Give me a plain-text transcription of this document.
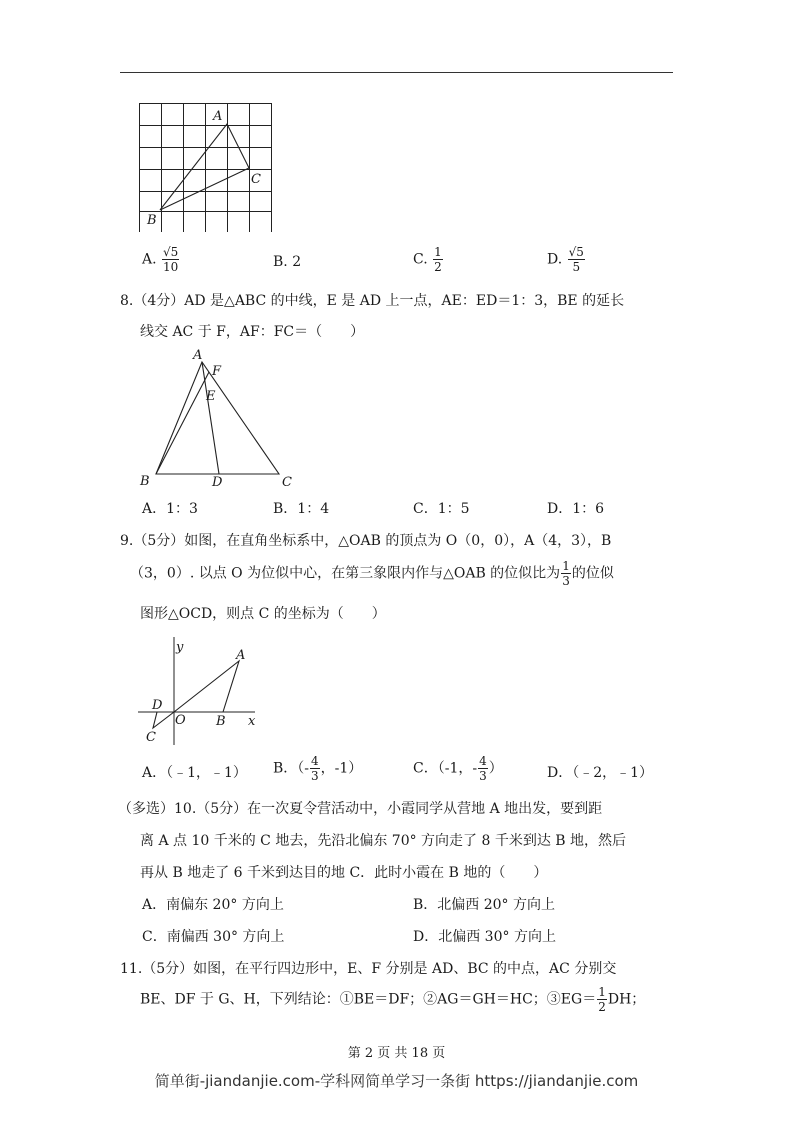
A
C
B
A. $\frac{√5}{10}$	B. 2	C. $\frac{1}{2}$	D. $\frac{√5}{5}$
8.（4分）AD 是△ABC 的中线，E 是 AD 上一点，AE：ED＝1：3，BE 的延长
线交 AC 于 F，AF：FC＝（　　）
A
F
E
B	D	C
A．1：3	B．1：4	C．1：5	D．1：6
9.（5分）如图，在直角坐标系中，△OAB 的顶点为 O（0，0），A（4，3），B
（3，0）. 以点 O 为位似中心，在第三象限内作与△OAB 的位似比为 $\frac{1}{3}$ 的位似
图形△OCD，则点 C 的坐标为（　　）
y
A
D
O B x
C
A．（﹣1，﹣1） B．（- $\frac{4}{3}$ ，-1）	C．（-1，- $\frac{4}{3}$ ）	D．（﹣2，﹣1）
（多选）10.（5分）在一次夏令营活动中，小霞同学从营地 A 地出发，要到距
离 A 点 10 千米的 C 地去，先沿北偏东 70° 方向走了 8 千米到达 B 地，然后
再从 B 地走了 6 千米到达目的地 C．此时小霞在 B 地的（　　）
A．南偏东 20° 方向上	B．北偏西 20° 方向上
C．南偏西 30° 方向上	D．北偏西 30° 方向上
11.（5分）如图，在平行四边形中，E、F 分别是 AD、BC 的中点，AC 分别交
BE、DF 于 G、H，下列结论：①BE＝DF；②AG＝GH＝HC；③EG＝ $\frac{1}{2}$ DH；
第 2 页 共 18 页
简单街-jiandanjie.com-学科网简单学习一条街 https://jiandanjie.com
